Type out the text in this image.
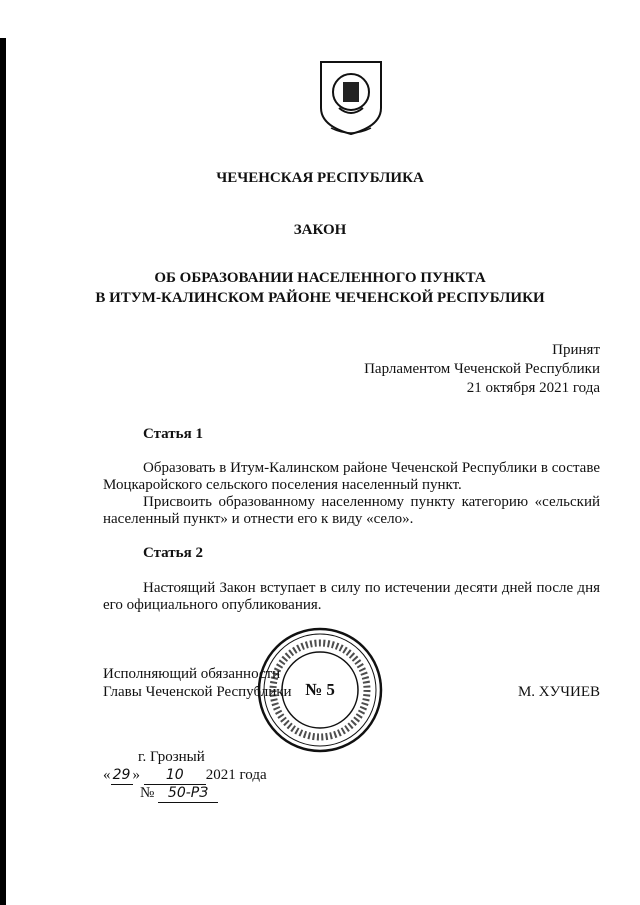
ЧЕЧЕНСКАЯ РЕСПУБЛИКА
ЗАКОН
ОБ ОБРАЗОВАНИИ НАСЕЛЕННОГО ПУНКТА
В ИТУМ-КАЛИНСКОМ РАЙОНЕ ЧЕЧЕНСКОЙ РЕСПУБЛИКИ
Принят
Парламентом Чеченской Республики
21 октября 2021 года
Статья 1

Образовать в Итум-Калинском районе Чеченской Республики в составе Моцкаройского сельского поселения населенный пункт.

Присвоить образованному населенному пункту категорию «сельский населенный пункт» и отнести его к виду «село».

Статья 2

Настоящий Закон вступает в силу по истечении десяти дней после дня его официального опубликования.

Исполняющий обязанности
Главы Чеченской Республики	М. ХУЧИЕВ
№ 5
г. Грозный
« 29 » 10 2021 года
№ 50-РЗ
